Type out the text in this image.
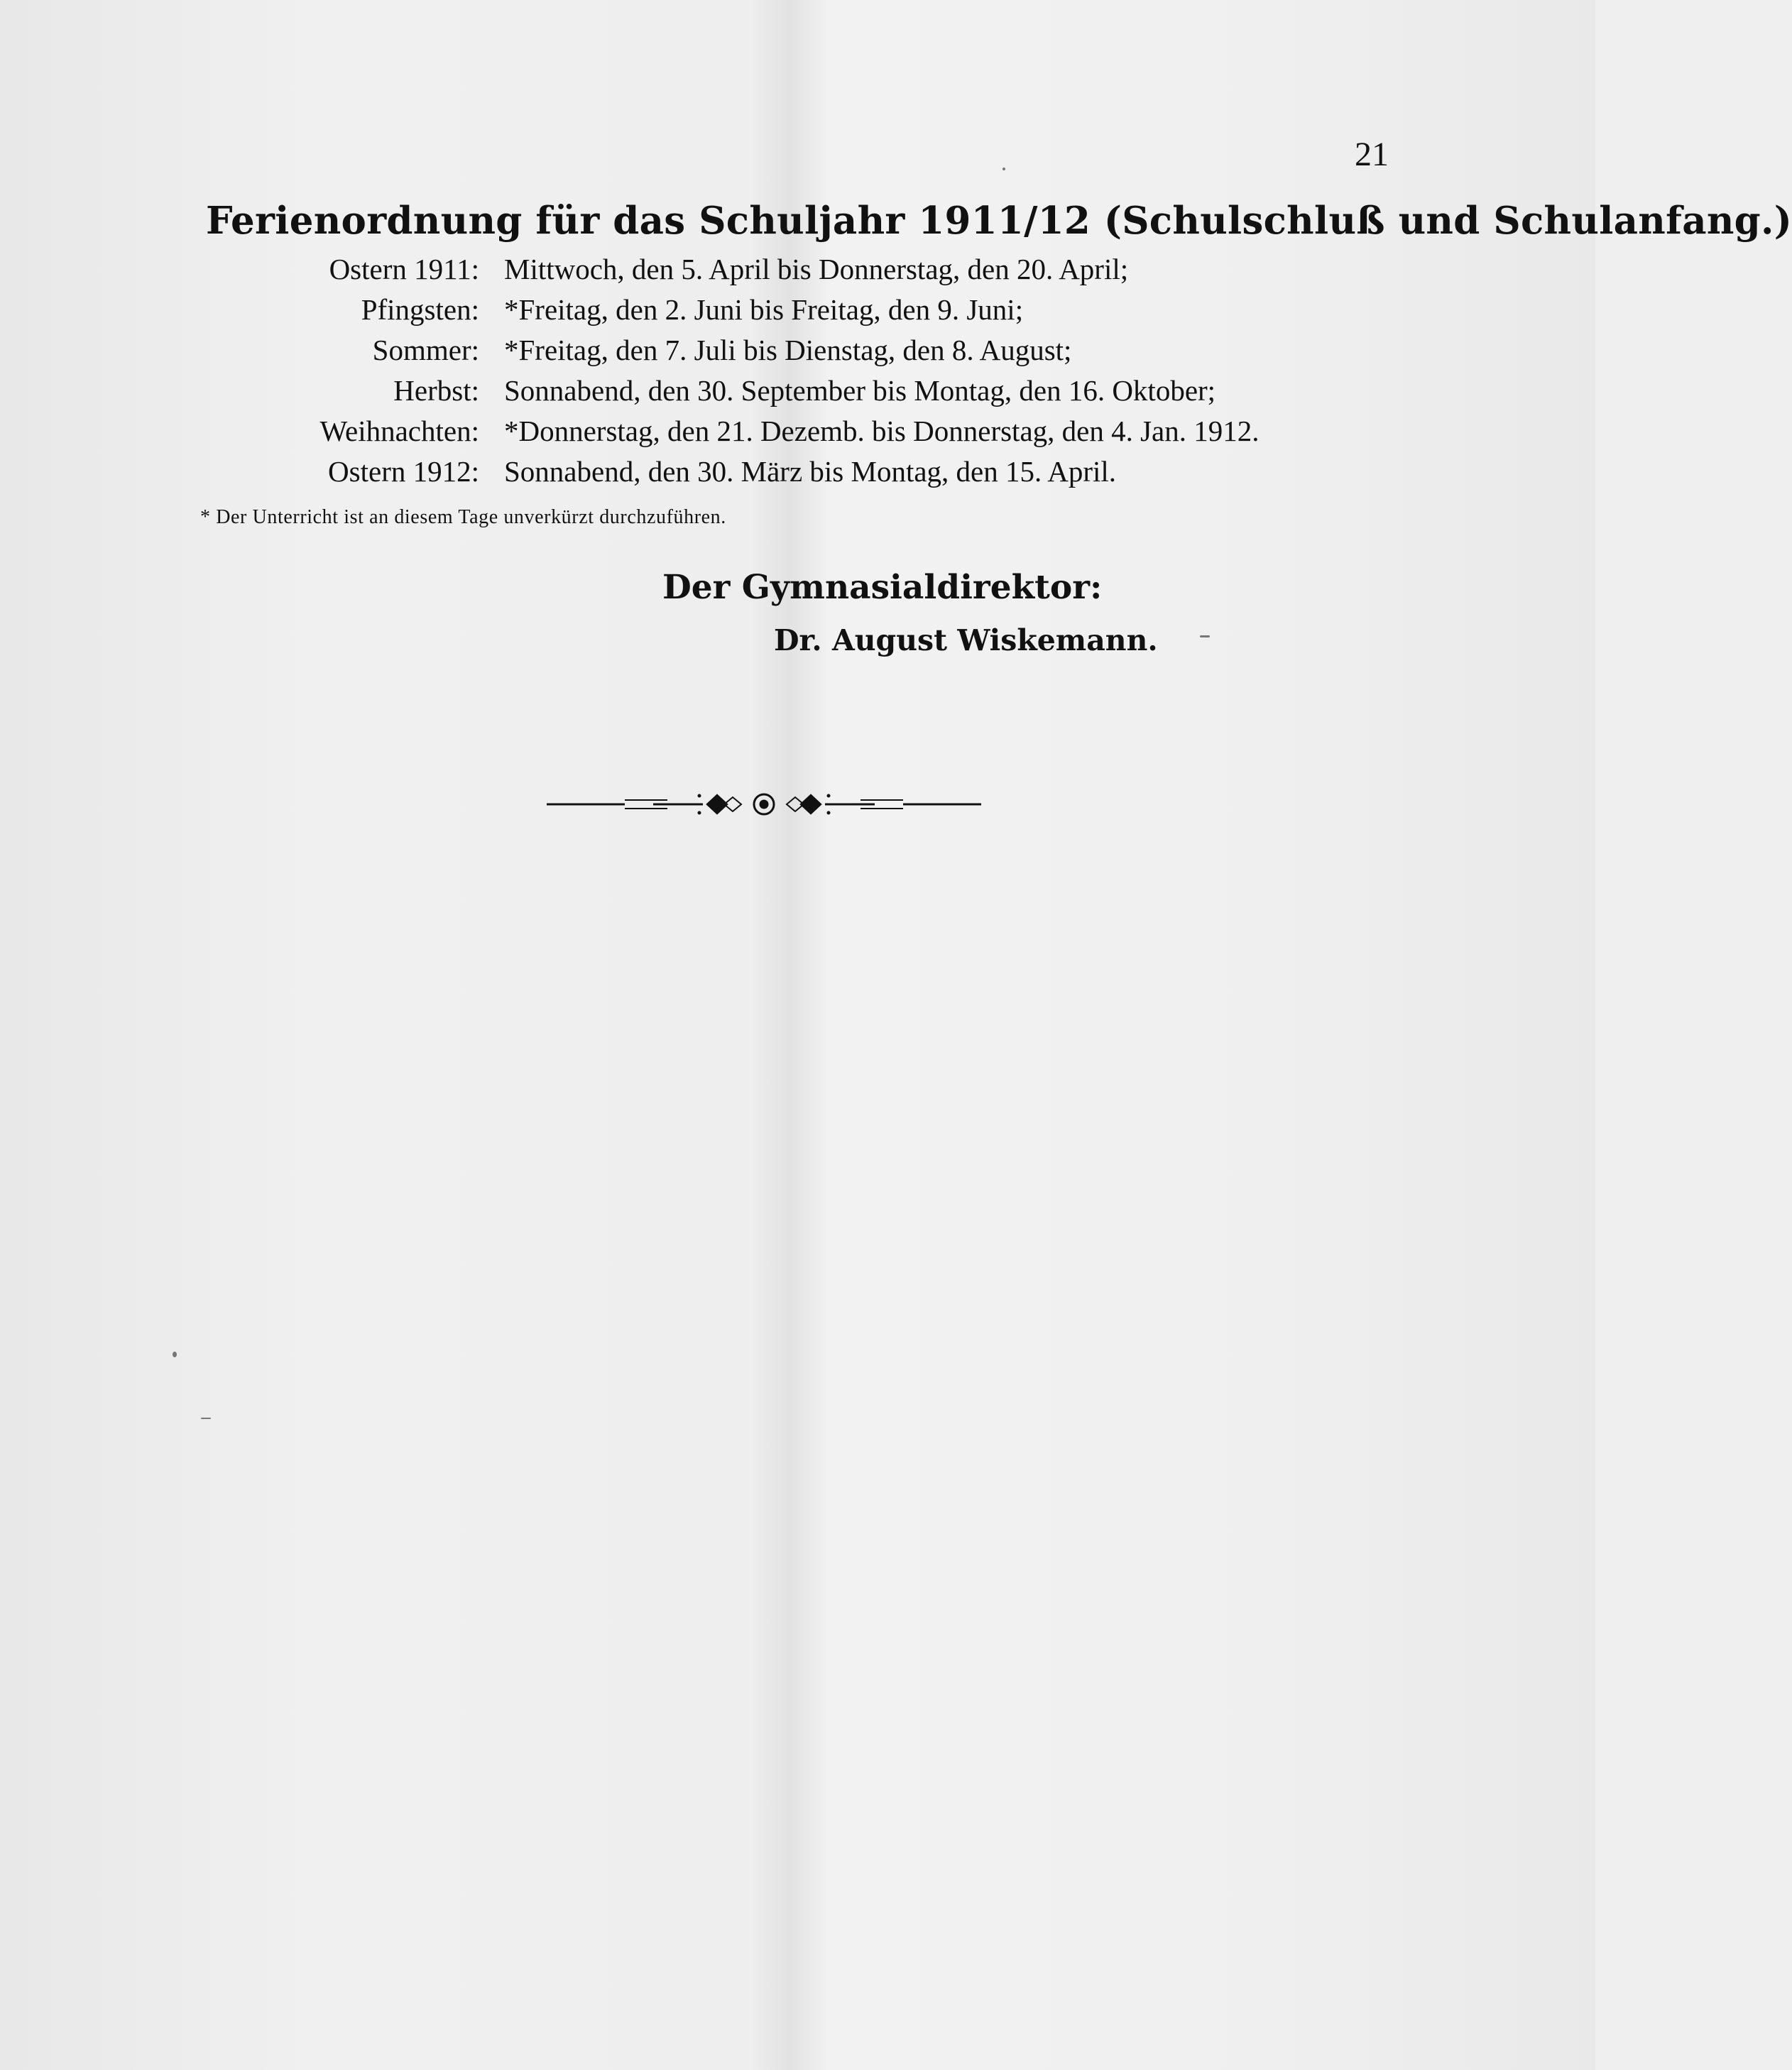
21
Ferienordnung für das Schuljahr 1911/12 (Schulschluß und Schulanfang.)
Ostern 1911: Mittwoch, den 5. April bis Donnerstag, den 20. April;
Pfingsten: *Freitag, den 2. Juni bis Freitag, den 9. Juni;
Sommer: *Freitag, den 7. Juli bis Dienstag, den 8. August;
Herbst: Sonnabend, den 30. September bis Montag, den 16. Oktober;
Weihnachten: *Donnerstag, den 21. Dezemb. bis Donnerstag, den 4. Jan. 1912.
Ostern 1912: Sonnabend, den 30. März bis Montag, den 15. April.
* Der Unterricht ist an diesem Tage unverkürzt durchzuführen.
Der Gymnasialdirektor:
Dr. August Wiskemann.
